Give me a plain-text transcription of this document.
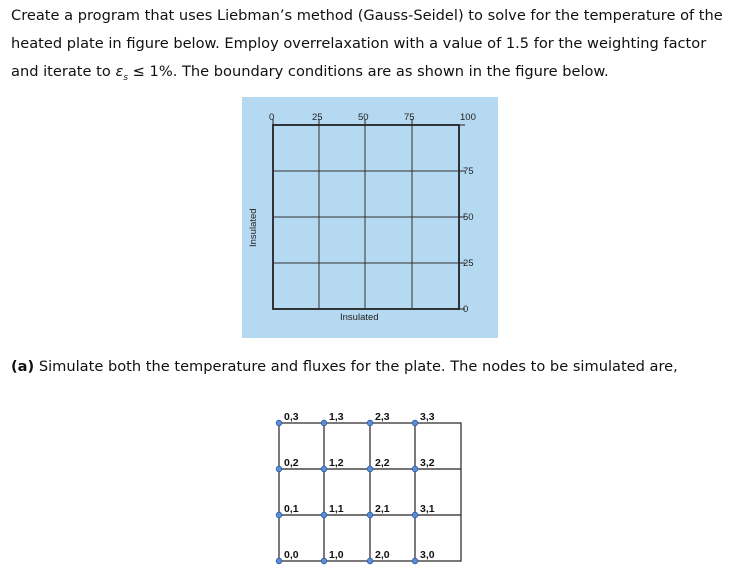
Create a program that uses Liebman’s method (Gauss-Seidel) to solve for the temperature of the heated plate in figure below. Employ overrelaxation with a value of 1.5 for the weighting factor and iterate to $\varepsilon_s \le 1\%$. The boundary conditions are as shown in the figure below.

0	25	50	75	100
75
50
25
0
Insulated
Insulated

(a) Simulate both the temperature and fluxes for the plate. The nodes to be simulated are,

0,3	1,3	2,3	3,3
0,2	1,2	2,2	3,2
0,1	1,1	2,1	3,1
0,0	1,0	2,0	3,0
